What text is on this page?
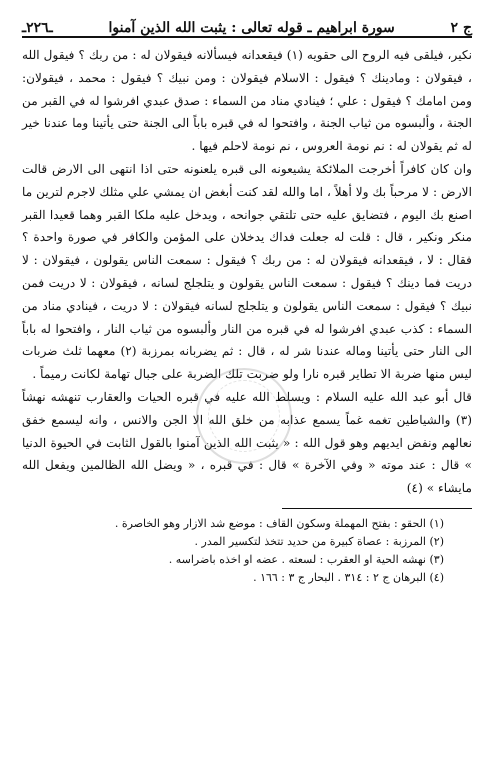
ـ٢٢٦ـ	سورة ابراهيم ـ قوله تعالى : يثبت الله الذين آمنوا	ج ٢

نكير، فيلقى فيه الروح الى حقويه (١) فيقعدانه فيسألانه فيقولان له : من ربك ؟ فيقول الله ، فيقولان : ومادينك ؟ فيقول : الاسلام فيقولان : ومن نبيك ؟ فيقول : محمد ، فيقولان: ومن امامك ؟ فيقول : علي ؛ فينادي مناد من السماء : صدق عبدي افرشوا له في القبر من الجنة ، وألبسوه من ثياب الجنة ، وافتحوا له في قبره باباً الى الجنة حتى يأتينا وما عندنا خير له ثم يقولان له : نم نومة العروس ، نم نومة لاحلم فيها .

وان كان كافراً أخرجت الملائكة يشيعونه الى قبره يلعنونه حتى اذا انتهى الى الارض قالت الارض : لا مرحباً بك ولا أهلاً ، اما والله لقد كنت أبغض ان يمشي علي مثلك لاجرم لترين ما اصنع بك اليوم ، فتضايق عليه حتى تلتقي جوانحه ، ويدخل عليه ملكا القبر وهما قعيدا القبر منكر ونكير ، قال : قلت له جعلت فداك يدخلان على المؤمن والكافر في صورة واحدة ؟ فقال : لا ، فيقعدانه فيقولان له : من ربك ؟ فيقول : سمعت الناس يقولون ، فيقولان : لا دريت فما دينك ؟ فيقول : سمعت الناس يقولون و يتلجلج لسانه ، فيقولان : لا دريت فمن نبيك ؟ فيقول : سمعت الناس يقولون و يتلجلج لسانه فيقولان : لا دريت ، فينادي مناد من السماء : كذب عبدي افرشوا له في قبره من النار وألبسوه من ثياب النار ، وافتحوا له باباً الى النار حتى يأتينا وماله عندنا شر له ، قال : ثم يضربانه بمرزبة (٢) معهما ثلث ضربات ليس منها ضربة الا تطاير قبره نارا ولو ضربت تلك الضربة على جبال تهامة لكانت رميماً .

قال أبو عبد الله عليه السلام : ويسلط الله عليه في قبره الحيات والعقارب تنهشه نهشاً (٣) والشياطين تغمه غماً يسمع عذابه من خلق الله الا الجن والانس ، وانه ليسمع خفق نعالهم ونفض ايديهم وهو قول الله : « يثبت الله الذين آمنوا بالقول الثابت في الحيوة الدنيا » قال : عند موته « وفي الآخرة » قال : في قبره ، « ويضل الله الظالمين ويفعل الله مايشاء » (٤)

(١) الحقو : بفتح المهملة وسكون القاف : موضع شد الازار وهو الخاصرة .

(٢) المرزبة : عصاة كبيرة من حديد تتخذ لتكسير المدر .

(٣) نهشه الحية او العقرب : لسعته . عضه او اخذه باضراسه .

(٤) البرهان ج ٢ : ٣١٤ . البحار ج ٣ : ١٦٦ .
